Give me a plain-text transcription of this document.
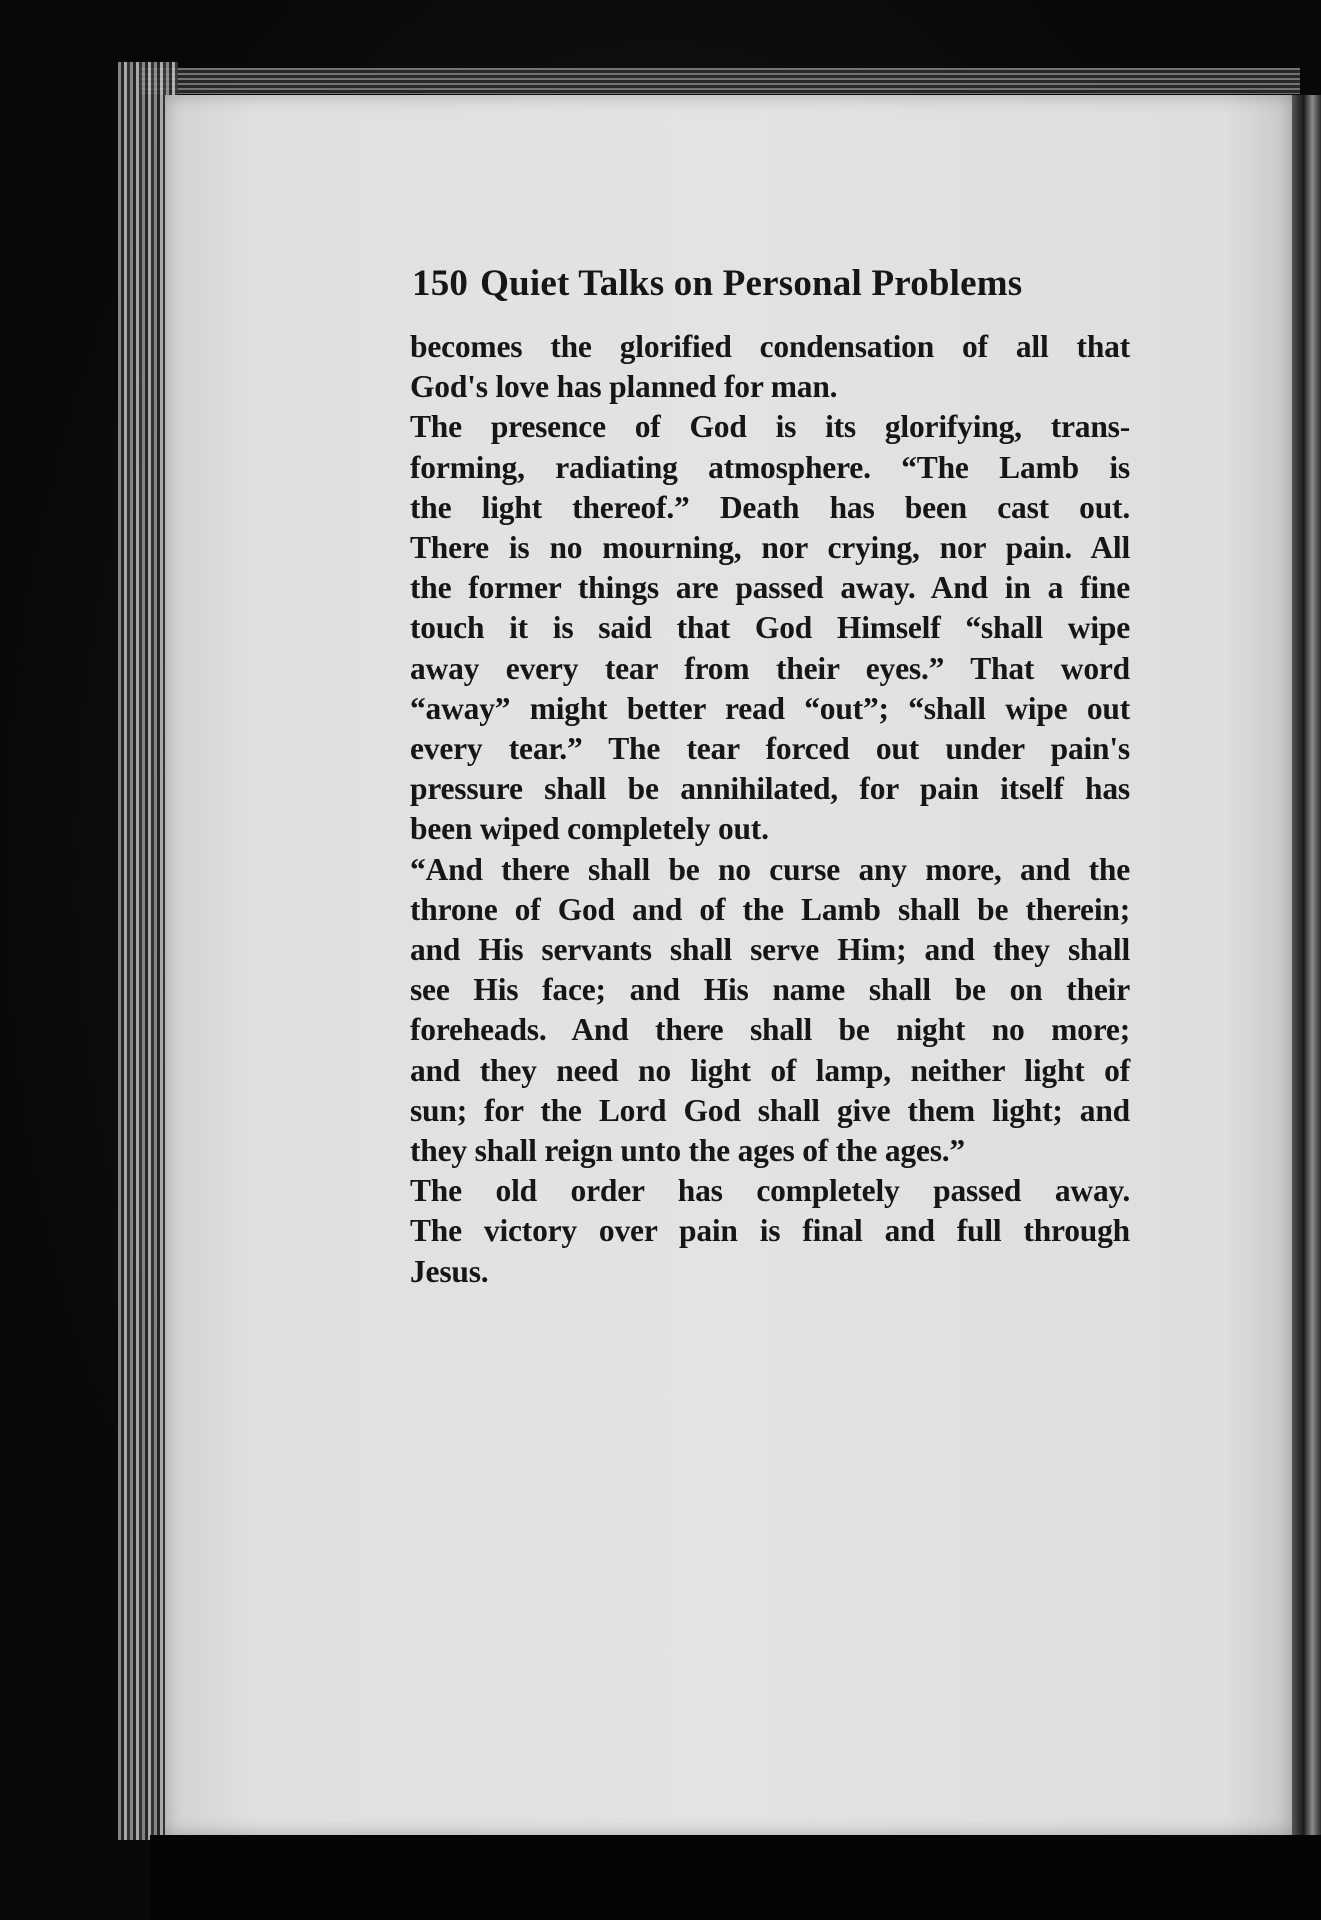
150 Quiet Talks on Personal Problems

becomes the glorified condensation of all that
God's love has planned for man.

The presence of God is its glorifying, trans-
forming, radiating atmosphere. “The Lamb is
the light thereof.” Death has been cast out.
There is no mourning, nor crying, nor pain. All
the former things are passed away. And in a fine
touch it is said that God Himself “shall wipe
away every tear from their eyes.” That word
“away” might better read “out”; “shall wipe out
every tear.” The tear forced out under pain's
pressure shall be annihilated, for pain itself has
been wiped completely out.

“And there shall be no curse any more, and the
throne of God and of the Lamb shall be therein;
and His servants shall serve Him; and they shall
see His face; and His name shall be on their
foreheads. And there shall be night no more;
and they need no light of lamp, neither light of
sun; for the Lord God shall give them light; and
they shall reign unto the ages of the ages.”

The old order has completely passed away.
The victory over pain is final and full through
Jesus.
